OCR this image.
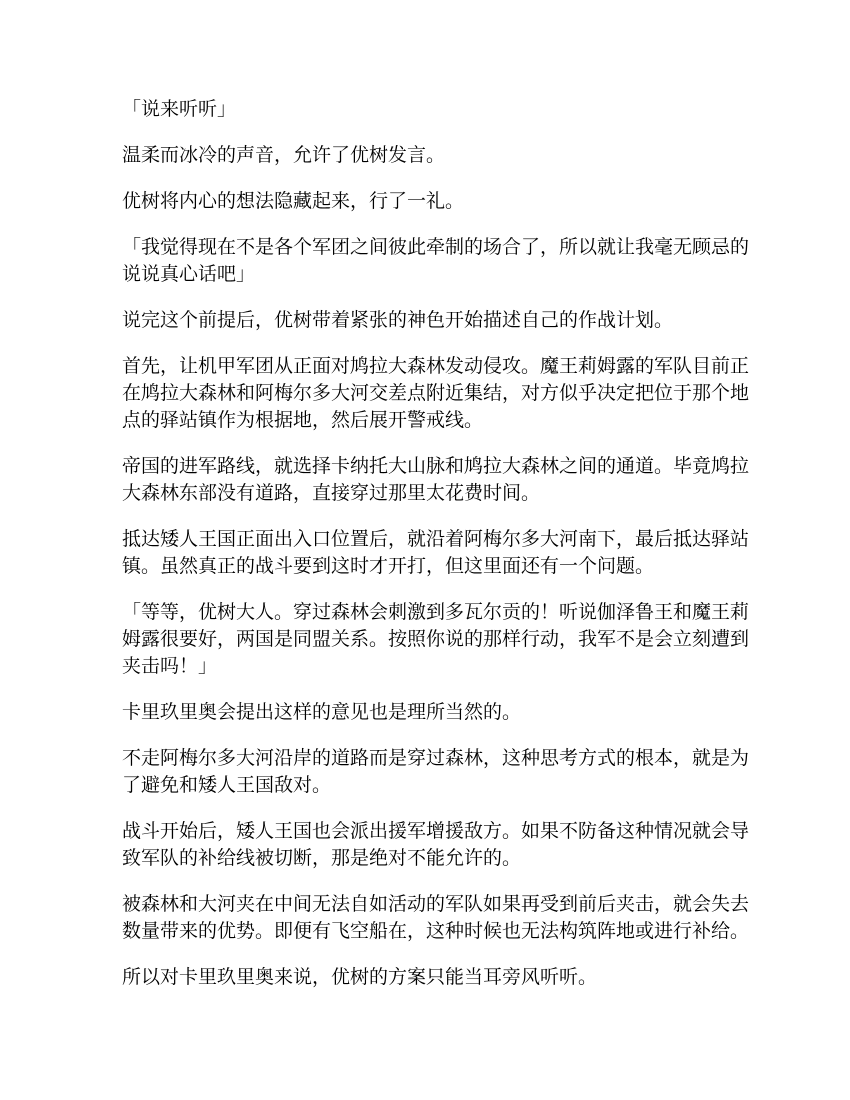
「说来听听」

温柔而冰冷的声音，允许了优树发言。

优树将内心的想法隐藏起来，行了一礼。

「我觉得现在不是各个军团之间彼此牵制的场合了，所以就让我毫无顾忌的说说真心话吧」

说完这个前提后，优树带着紧张的神色开始描述自己的作战计划。

首先，让机甲军团从正面对鸠拉大森林发动侵攻。魔王莉姆露的军队目前正在鸠拉大森林和阿梅尔多大河交差点附近集结，对方似乎决定把位于那个地点的驿站镇作为根据地，然后展开警戒线。

帝国的进军路线，就选择卡纳托大山脉和鸠拉大森林之间的通道。毕竟鸠拉大森林东部没有道路，直接穿过那里太花费时间。

抵达矮人王国正面出入口位置后，就沿着阿梅尔多大河南下，最后抵达驿站镇。虽然真正的战斗要到这时才开打，但这里面还有一个问题。

「等等，优树大人。穿过森林会刺激到多瓦尔贡的！听说伽泽鲁王和魔王莉姆露很要好，两国是同盟关系。按照你说的那样行动，我军不是会立刻遭到夹击吗！」

卡里玖里奥会提出这样的意见也是理所当然的。

不走阿梅尔多大河沿岸的道路而是穿过森林，这种思考方式的根本，就是为了避免和矮人王国敌对。

战斗开始后，矮人王国也会派出援军增援敌方。如果不防备这种情况就会导致军队的补给线被切断，那是绝对不能允许的。

被森林和大河夹在中间无法自如活动的军队如果再受到前后夹击，就会失去数量带来的优势。即便有飞空船在，这种时候也无法构筑阵地或进行补给。

所以对卡里玖里奥来说，优树的方案只能当耳旁风听听。
